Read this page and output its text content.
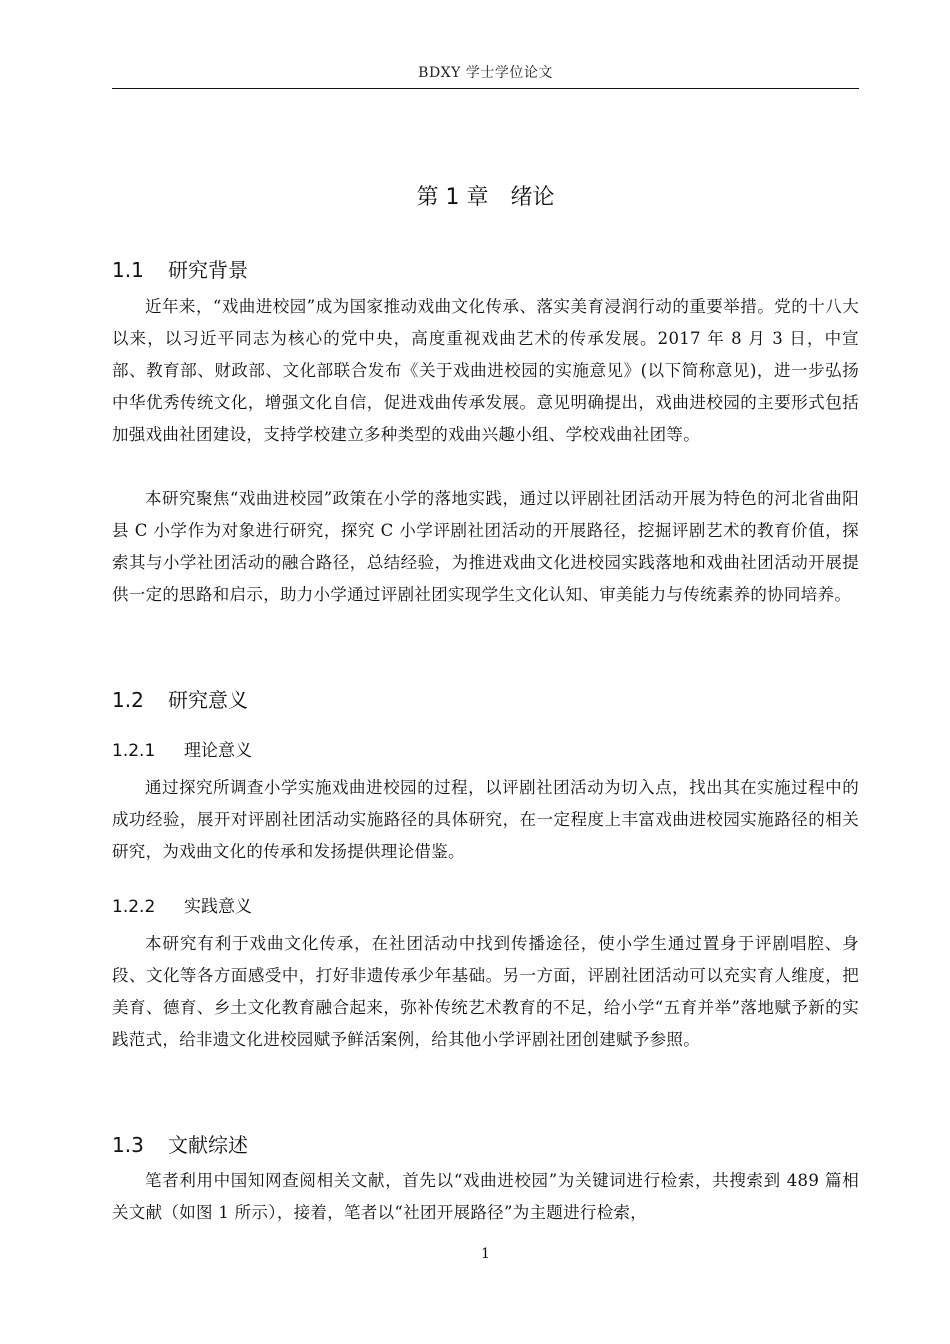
BDXY 学士学位论文
第 1 章　绪论
1.1 研究背景
近年来，“戏曲进校园”成为国家推动戏曲文化传承、落实美育浸润行动的重要举措。党的十八大以来，以习近平同志为核心的党中央，高度重视戏曲艺术的传承发展。2017 年 8 月 3 日，中宣部、教育部、财政部、文化部联合发布《关于戏曲进校园的实施意见》(以下简称意见)，进一步弘扬中华优秀传统文化，增强文化自信，促进戏曲传承发展。意见明确提出，戏曲进校园的主要形式包括加强戏曲社团建设，支持学校建立多种类型的戏曲兴趣小组、学校戏曲社团等。
本研究聚焦“戏曲进校园”政策在小学的落地实践，通过以评剧社团活动开展为特色的河北省曲阳县 C 小学作为对象进行研究，探究 C 小学评剧社团活动的开展路径，挖掘评剧艺术的教育价值，探索其与小学社团活动的融合路径，总结经验，为推进戏曲文化进校园实践落地和戏曲社团活动开展提供一定的思路和启示，助力小学通过评剧社团实现学生文化认知、审美能力与传统素养的协同培养。
1.2 研究意义
1.2.1 理论意义
通过探究所调查小学实施戏曲进校园的过程，以评剧社团活动为切入点，找出其在实施过程中的成功经验，展开对评剧社团活动实施路径的具体研究，在一定程度上丰富戏曲进校园实施路径的相关研究，为戏曲文化的传承和发扬提供理论借鉴。
1.2.2 实践意义
本研究有利于戏曲文化传承，在社团活动中找到传播途径，使小学生通过置身于评剧唱腔、身段、文化等各方面感受中，打好非遗传承少年基础。另一方面，评剧社团活动可以充实育人维度，把美育、德育、乡土文化教育融合起来，弥补传统艺术教育的不足，给小学“五育并举”落地赋予新的实践范式，给非遗文化进校园赋予鲜活案例，给其他小学评剧社团创建赋予参照。
1.3 文献综述
笔者利用中国知网查阅相关文献，首先以“戏曲进校园”为关键词进行检索，共搜索到 489 篇相关文献（如图 1 所示），接着，笔者以“社团开展路径”为主题进行检索，
1
